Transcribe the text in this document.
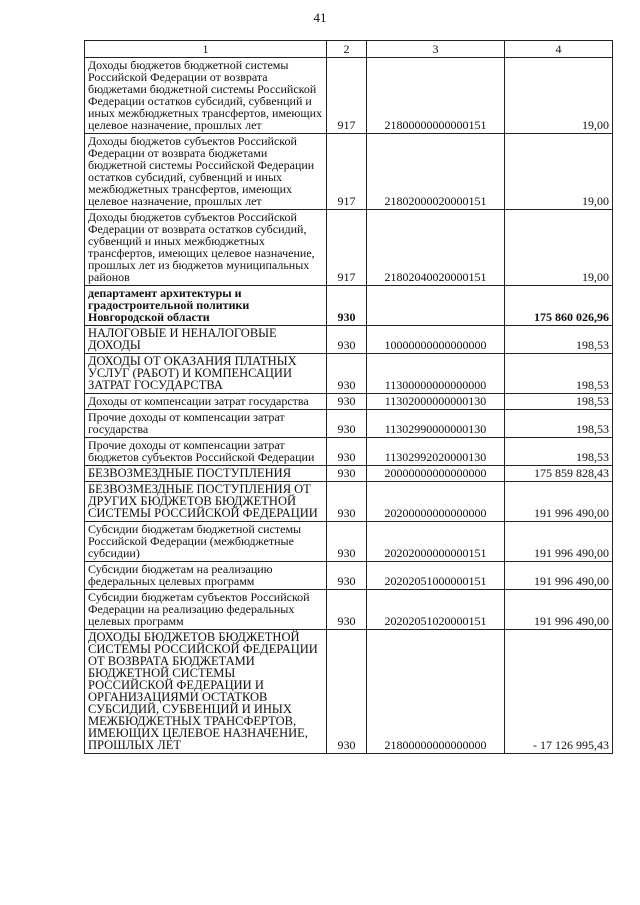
41
1	2	3	4
Доходы бюджетов бюджетной системы Российской Федерации от возврата бюджетами бюджетной системы Российской Федерации остатков субсидий, субвенций и иных межбюджетных трансфертов, имеющих целевое назначение, прошлых лет	917	21800000000000151	19,00
Доходы бюджетов субъектов Российской Федерации от возврата бюджетами бюджетной системы Российской Федерации остатков субсидий, субвенций и иных межбюджетных трансфертов, имеющих целевое назначение, прошлых лет	917	21802000020000151	19,00
Доходы бюджетов субъектов Российской Федерации от возврата остатков субсидий, субвенций и иных межбюджетных трансфертов, имеющих целевое назначение, прошлых лет из бюджетов муниципальных районов	917	21802040020000151	19,00
департамент архитектуры и градостроительной политики Новгородской области	930		175 860 026,96
НАЛОГОВЫЕ И НЕНАЛОГОВЫЕ ДОХОДЫ	930	10000000000000000	198,53
ДОХОДЫ ОТ ОКАЗАНИЯ ПЛАТНЫХ УСЛУГ (РАБОТ) И КОМПЕНСАЦИИ ЗАТРАТ ГОСУДАРСТВА	930	11300000000000000	198,53
Доходы от компенсации затрат государства	930	11302000000000130	198,53
Прочие доходы от компенсации затрат государства	930	11302990000000130	198,53
Прочие доходы от компенсации затрат бюджетов субъектов Российской Федерации	930	11302992020000130	198,53
БЕЗВОЗМЕЗДНЫЕ ПОСТУПЛЕНИЯ	930	20000000000000000	175 859 828,43
БЕЗВОЗМЕЗДНЫЕ ПОСТУПЛЕНИЯ ОТ ДРУГИХ БЮДЖЕТОВ БЮДЖЕТНОЙ СИСТЕМЫ РОССИЙСКОЙ ФЕДЕРАЦИИ	930	20200000000000000	191 996 490,00
Субсидии бюджетам бюджетной системы Российской Федерации (межбюджетные субсидии)	930	20202000000000151	191 996 490,00
Субсидии бюджетам на реализацию федеральных целевых программ	930	20202051000000151	191 996 490,00
Субсидии бюджетам субъектов Российской Федерации на реализацию федеральных целевых программ	930	20202051020000151	191 996 490,00
ДОХОДЫ БЮДЖЕТОВ БЮДЖЕТНОЙ СИСТЕМЫ РОССИЙСКОЙ ФЕДЕРАЦИИ ОТ ВОЗВРАТА БЮДЖЕТАМИ БЮДЖЕТНОЙ СИСТЕМЫ РОССИЙСКОЙ ФЕДЕРАЦИИ И ОРГАНИЗАЦИЯМИ ОСТАТКОВ СУБСИДИЙ, СУБВЕНЦИЙ И ИНЫХ МЕЖБЮДЖЕТНЫХ ТРАНСФЕРТОВ, ИМЕЮЩИХ ЦЕЛЕВОЕ НАЗНАЧЕНИЕ, ПРОШЛЫХ ЛЕТ	930	21800000000000000	- 17 126 995,43
